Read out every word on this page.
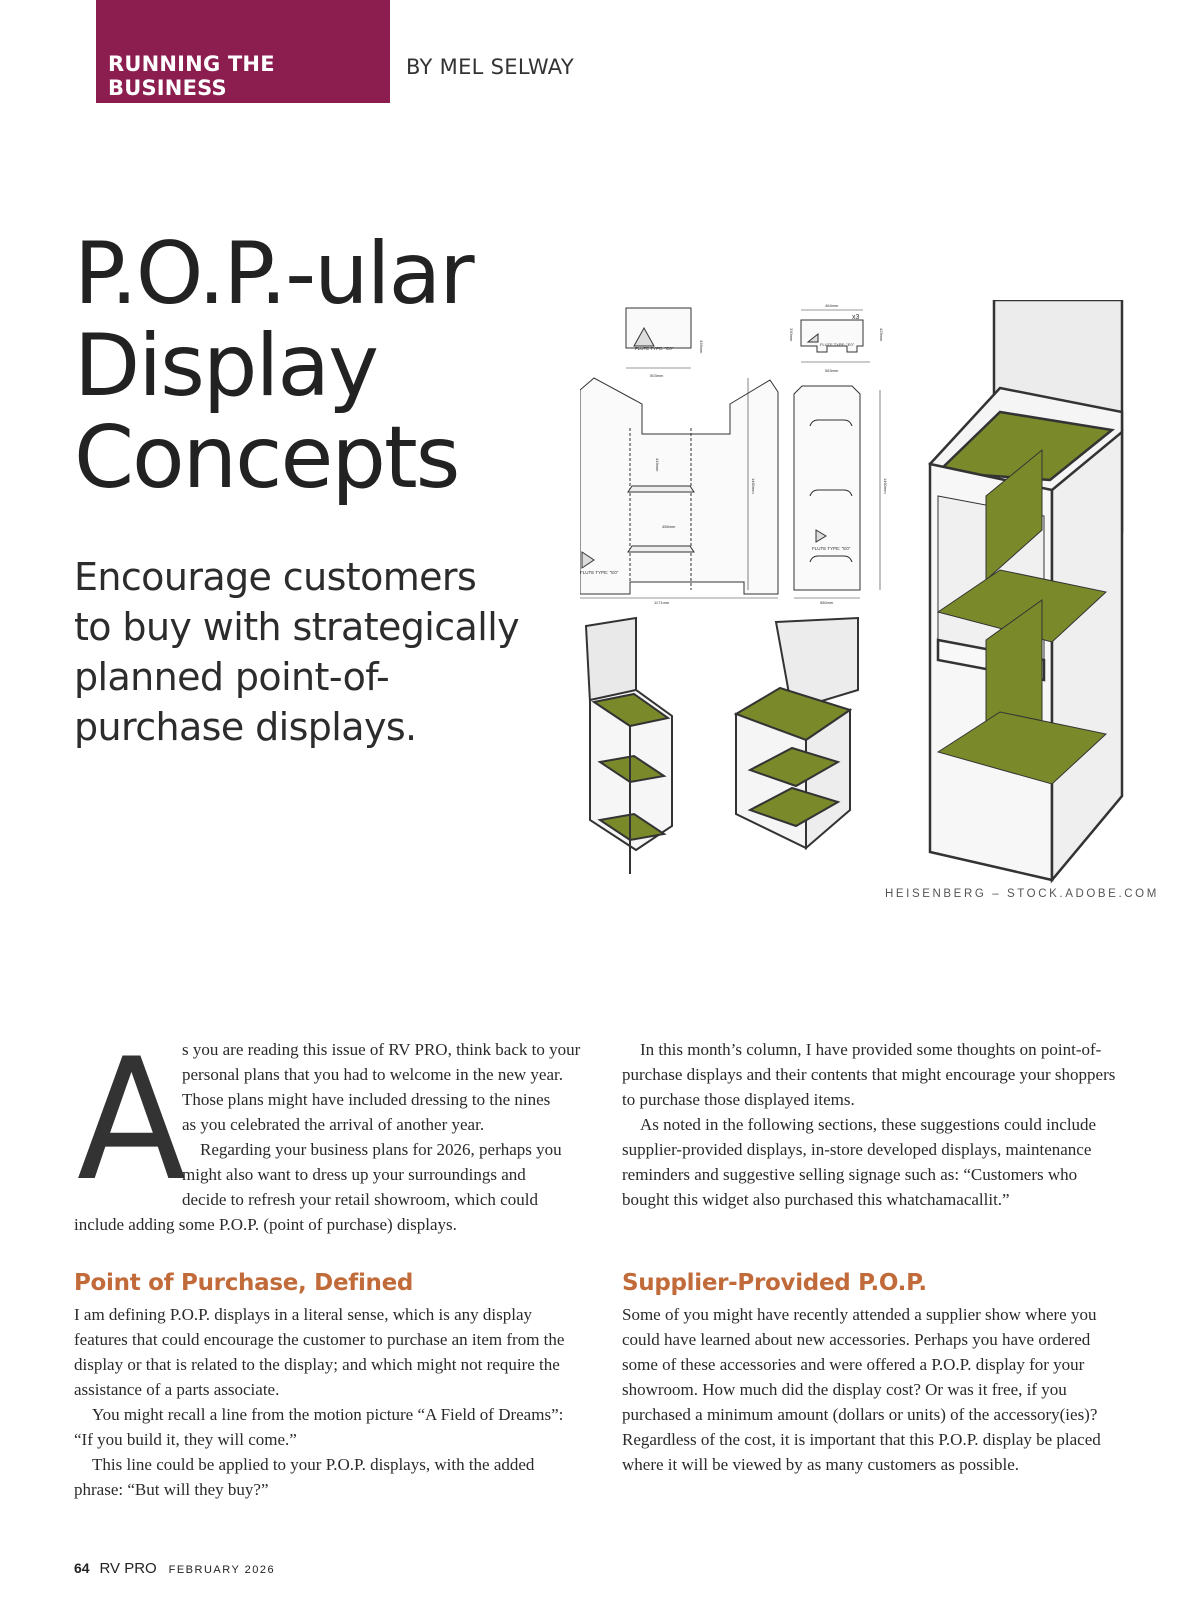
RUNNING THE BUSINESS
BY MEL SELWAY
P.O.P.-ular
Display
Concepts
Encourage customers
to buy with strategically
planned point-of-
purchase displays.
FLUTE TYPE: "E0"
503mm
435mm
464mm
x3
FLUTE TYPE: "E0"
563mm
330mm	425mm
FLUTE TYPE: "E0"
1171mm
1460mm
419mm
456mm
FLUTE TYPE: "E0"
580mm
1460mm
HEISENBERG – STOCK.ADOBE.COM
A
s you are reading this issue of RV PRO, think back to your
personal plans that you had to welcome in the new year.
Those plans might have included dressing to the nines
as you celebrated the arrival of another year.
Regarding your business plans for 2026, perhaps you
might also want to dress up your surroundings and
decide to refresh your retail showroom, which could
include adding some P.O.P. (point of purchase) displays.
Point of Purchase, Defined

I am defining P.O.P. displays in a literal sense, which is any display features that could encourage the customer to purchase an item from the display or that is related to the display; and which might not require the assistance of a parts associate.

You might recall a line from the motion picture “A Field of Dreams”: “If you build it, they will come.”

This line could be applied to your P.O.P. displays, with the added phrase: “But will they buy?”

In this month’s column, I have provided some thoughts on point-of-purchase displays and their contents that might encourage your shoppers to purchase those displayed items.

As noted in the following sections, these suggestions could include supplier-provided displays, in-store developed displays, maintenance reminders and suggestive selling signage such as: “Customers who bought this widget also purchased this whatchamacallit.”

Supplier-Provided P.O.P.

Some of you might have recently attended a supplier show where you could have learned about new accessories. Perhaps you have ordered some of these accessories and were offered a P.O.P. display for your showroom. How much did the display cost? Or was it free, if you purchased a minimum amount (dollars or units) of the accessory(ies)? Regardless of the cost, it is important that this P.O.P. display be placed where it will be viewed by as many customers as possible.

64 RV PRO FEBRUARY 2026
